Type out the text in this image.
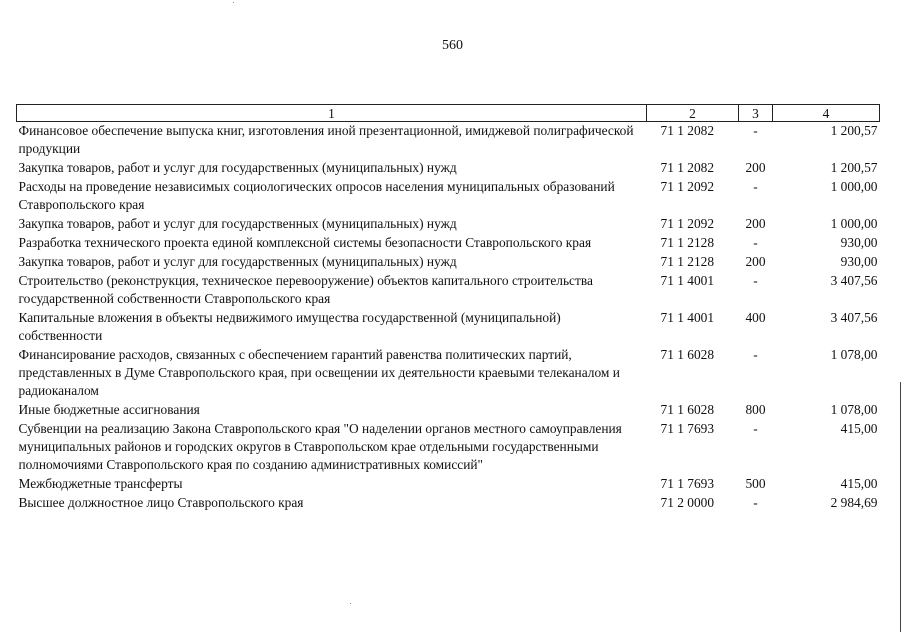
560
1	2	3	4
Финансовое обеспечение выпуска книг, изготовления иной презентационной, имиджевой полиграфической продукции	71 1 2082	-	1 200,57
Закупка товаров, работ и услуг для государственных (муниципальных) нужд	71 1 2082	200	1 200,57
Расходы на проведение независимых социологических опросов населения муниципальных образований Ставропольского края	71 1 2092	-	1 000,00
Закупка товаров, работ и услуг для государственных (муниципальных) нужд	71 1 2092	200	1 000,00
Разработка технического проекта единой комплексной системы безопасности Ставропольского края	71 1 2128	-	930,00
Закупка товаров, работ и услуг для государственных (муниципальных) нужд	71 1 2128	200	930,00
Строительство (реконструкция, техническое перевооружение) объектов капитального строительства государственной собственности Ставропольского края	71 1 4001	-	3 407,56
Капитальные вложения в объекты недвижимого имущества государственной (муниципальной) собственности	71 1 4001	400	3 407,56
Финансирование расходов, связанных с обеспечением гарантий равенства политических партий, представленных в Думе Ставропольского края, при освещении их деятельности краевыми телеканалом и радиоканалом	71 1 6028	-	1 078,00
Иные бюджетные ассигнования	71 1 6028	800	1 078,00
Субвенции на реализацию Закона Ставропольского края "О наделении органов местного самоуправления муниципальных районов и городских округов в Ставропольском крае отдельными государственными полномочиями Ставропольского края по созданию административных комиссий"	71 1 7693	-	415,00
Межбюджетные трансферты	71 1 7693	500	415,00
Высшее должностное лицо Ставропольского края	71 2 0000	-	2 984,69
